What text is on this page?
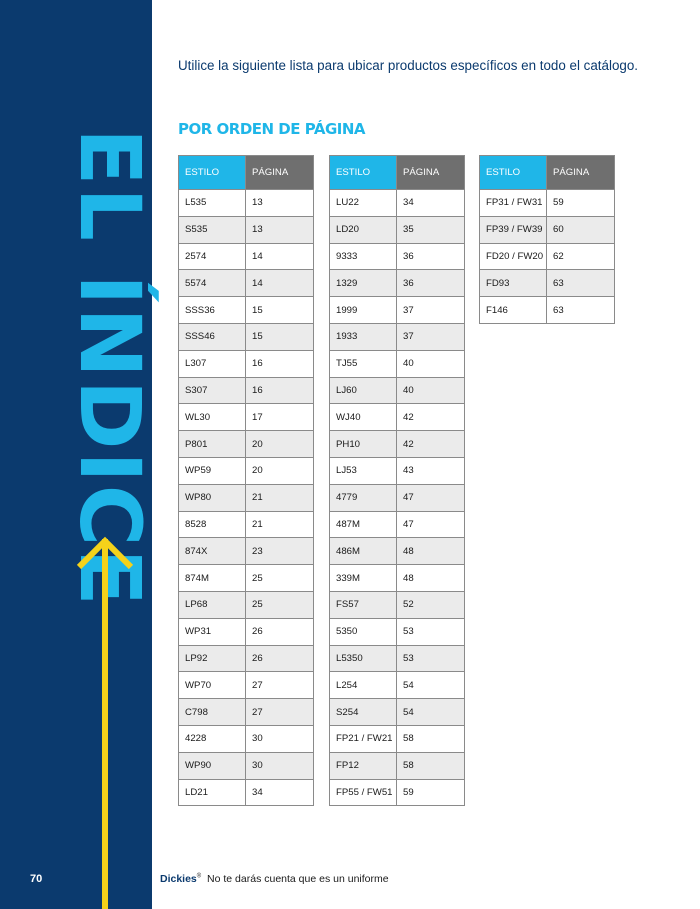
EL ÍNDICE
70
Utilice la siguiente lista para ubicar productos específicos en todo el catálogo.
POR ORDEN DE PÁGINA
ESTILO	PÁGINA
L535	13
S535	13
2574	14
5574	14
SSS36	15
SSS46	15
L307	16
S307	16
WL30	17
P801	20
WP59	20
WP80	21
8528	21
874X	23
874M	25
LP68	25
WP31	26
LP92	26
WP70	27
C798	27
4228	30
WP90	30
LD21	34
ESTILO	PÁGINA
LU22	34
LD20	35
9333	36
1329	36
1999	37
1933	37
TJ55	40
LJ60	40
WJ40	42
PH10	42
LJ53	43
4779	47
487M	47
486M	48
339M	48
FS57	52
5350	53
L5350	53
L254	54
S254	54
FP21 / FW21	58
FP12	58
FP55 / FW51	59
ESTILO	PÁGINA
FP31 / FW31	59
FP39 / FW39	60
FD20 / FW20	62
FD93	63
F146	63
Dickies® No te darás cuenta que es un uniforme
